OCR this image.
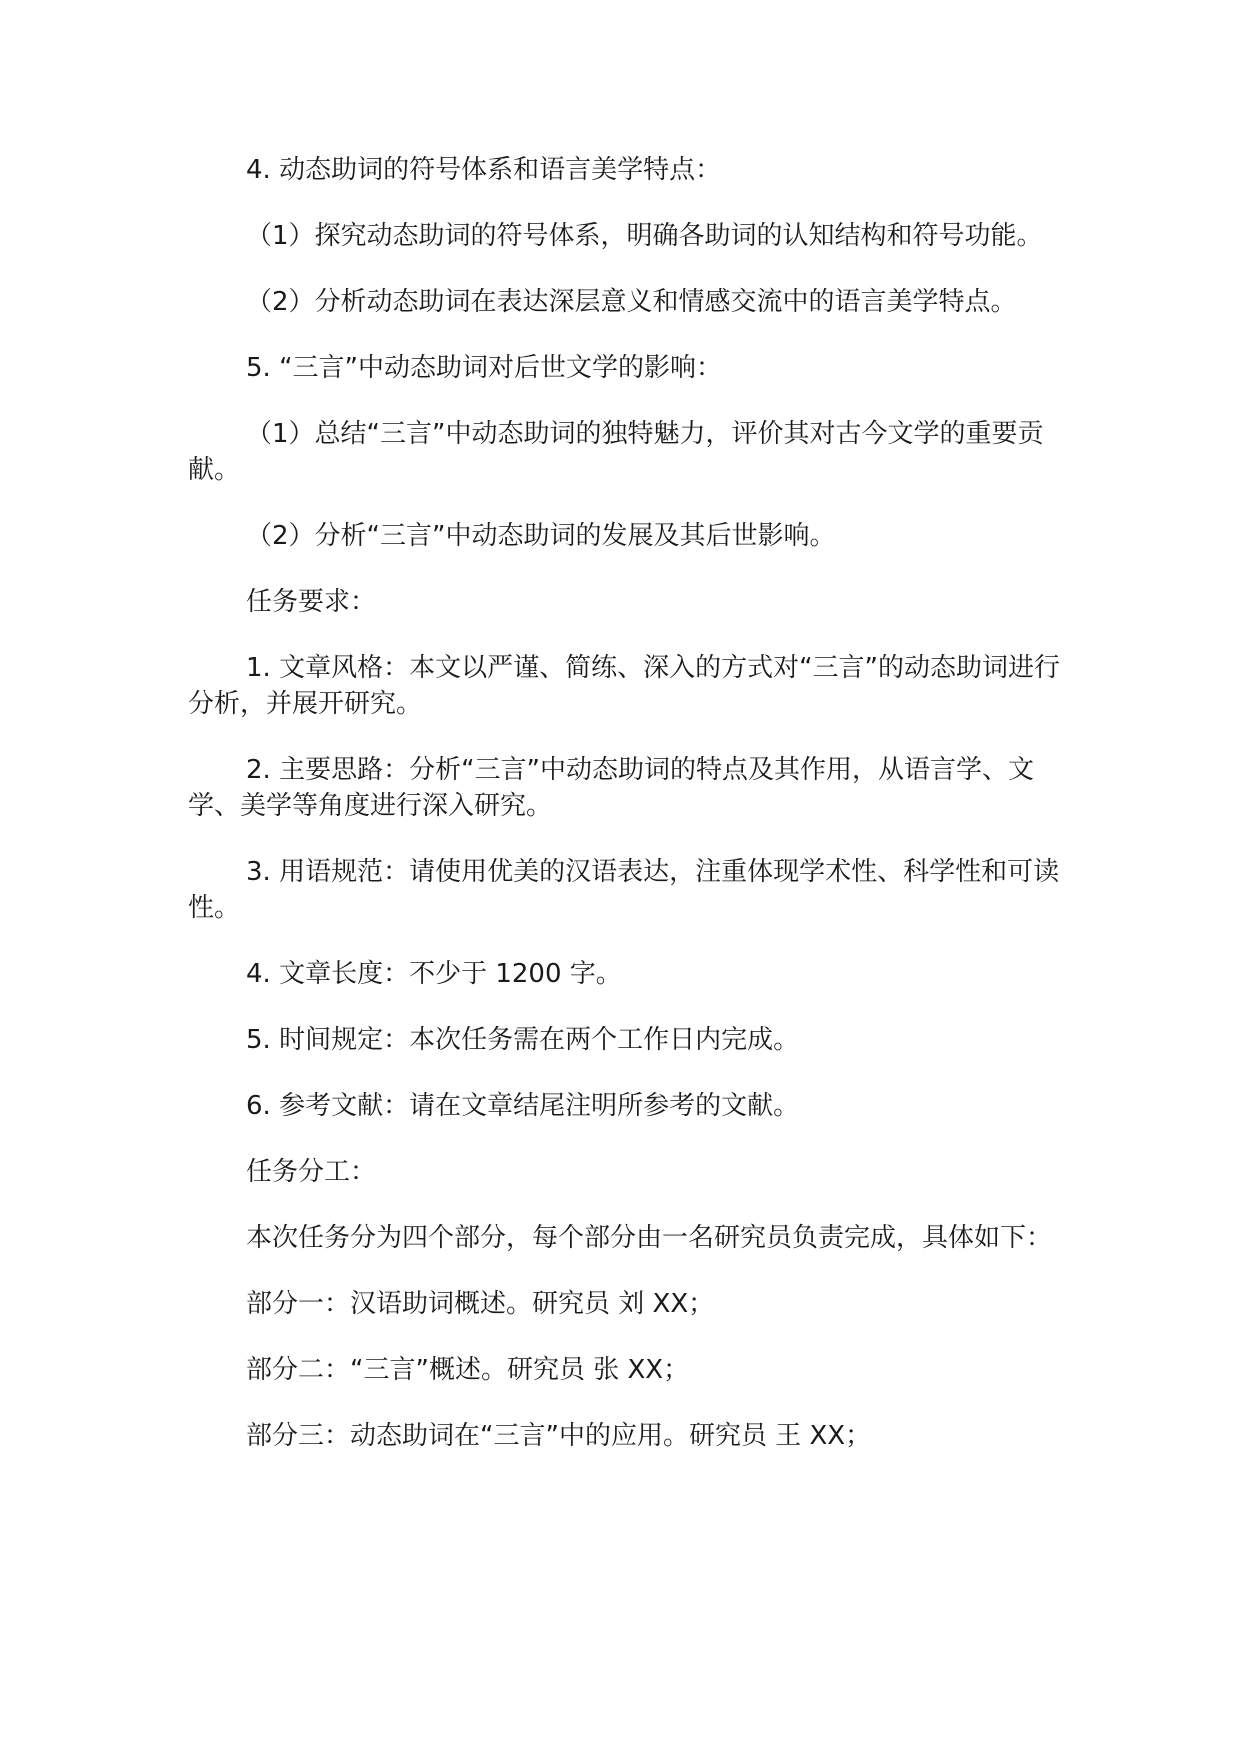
4. 动态助词的符号体系和语言美学特点：

（1）探究动态助词的符号体系，明确各助词的认知结构和符号功能。

（2）分析动态助词在表达深层意义和情感交流中的语言美学特点。

5. “三言”中动态助词对后世文学的影响：

（1）总结“三言”中动态助词的独特魅力，评价其对古今文学的重要贡献。

（2）分析“三言”中动态助词的发展及其后世影响。

任务要求：

1. 文章风格：本文以严谨、简练、深入的方式对“三言”的动态助词进行分析，并展开研究。

2. 主要思路：分析“三言”中动态助词的特点及其作用，从语言学、文学、美学等角度进行深入研究。

3. 用语规范：请使用优美的汉语表达，注重体现学术性、科学性和可读性。

4. 文章长度：不少于 1200 字。

5. 时间规定：本次任务需在两个工作日内完成。

6. 参考文献：请在文章结尾注明所参考的文献。

任务分工：

本次任务分为四个部分，每个部分由一名研究员负责完成，具体如下：

部分一：汉语助词概述。研究员 刘 XX；

部分二：“三言”概述。研究员 张 XX；

部分三：动态助词在“三言”中的应用。研究员 王 XX；
